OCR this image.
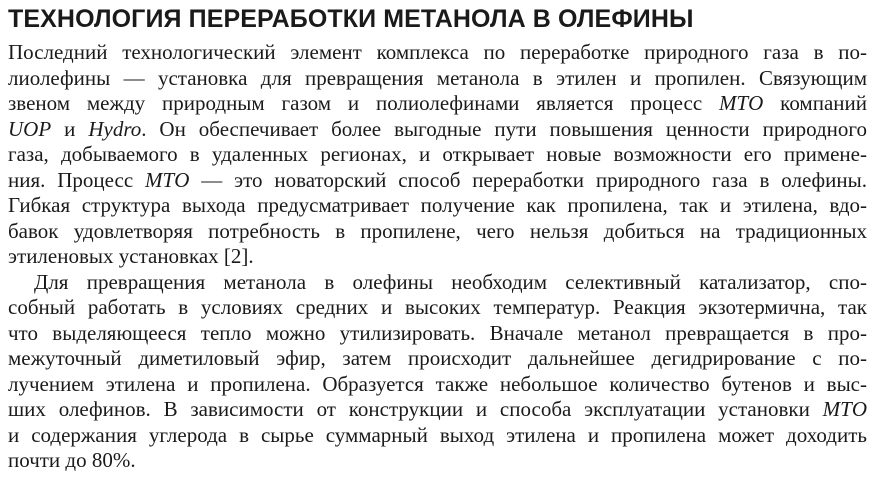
ТЕХНОЛОГИЯ ПЕРЕРАБОТКИ МЕТАНОЛА В ОЛЕФИНЫ
Последний технологический элемент комплекса по переработке природного газа в по-
лиолефины — установка для превращения метанола в этилен и пропилен. Связующим
звеном между природным газом и полиолефинами является процесс МТО компаний
UOP и Hydro. Он обеспечивает более выгодные пути повышения ценности природного
газа, добываемого в удаленных регионах, и открывает новые возможности его примене-
ния. Процесс МТО — это новаторский способ переработки природного газа в олефины.
Гибкая структура выхода предусматривает получение как пропилена, так и этилена, вдо-
бавок удовлетворяя потребность в пропилене, чего нельзя добиться на традиционных
этиленовых установках [2].
Для превращения метанола в олефины необходим селективный катализатор, спо-
собный работать в условиях средних и высоких температур. Реакция экзотермична, так
что выделяющееся тепло можно утилизировать. Вначале метанол превращается в про-
межуточный диметиловый эфир, затем происходит дальнейшее дегидрирование с по-
лучением этилена и пропилена. Образуется также небольшое количество бутенов и выс-
ших олефинов. В зависимости от конструкции и способа эксплуатации установки МТО
и содержания углерода в сырье суммарный выход этилена и пропилена может доходить
почти до 80%.
